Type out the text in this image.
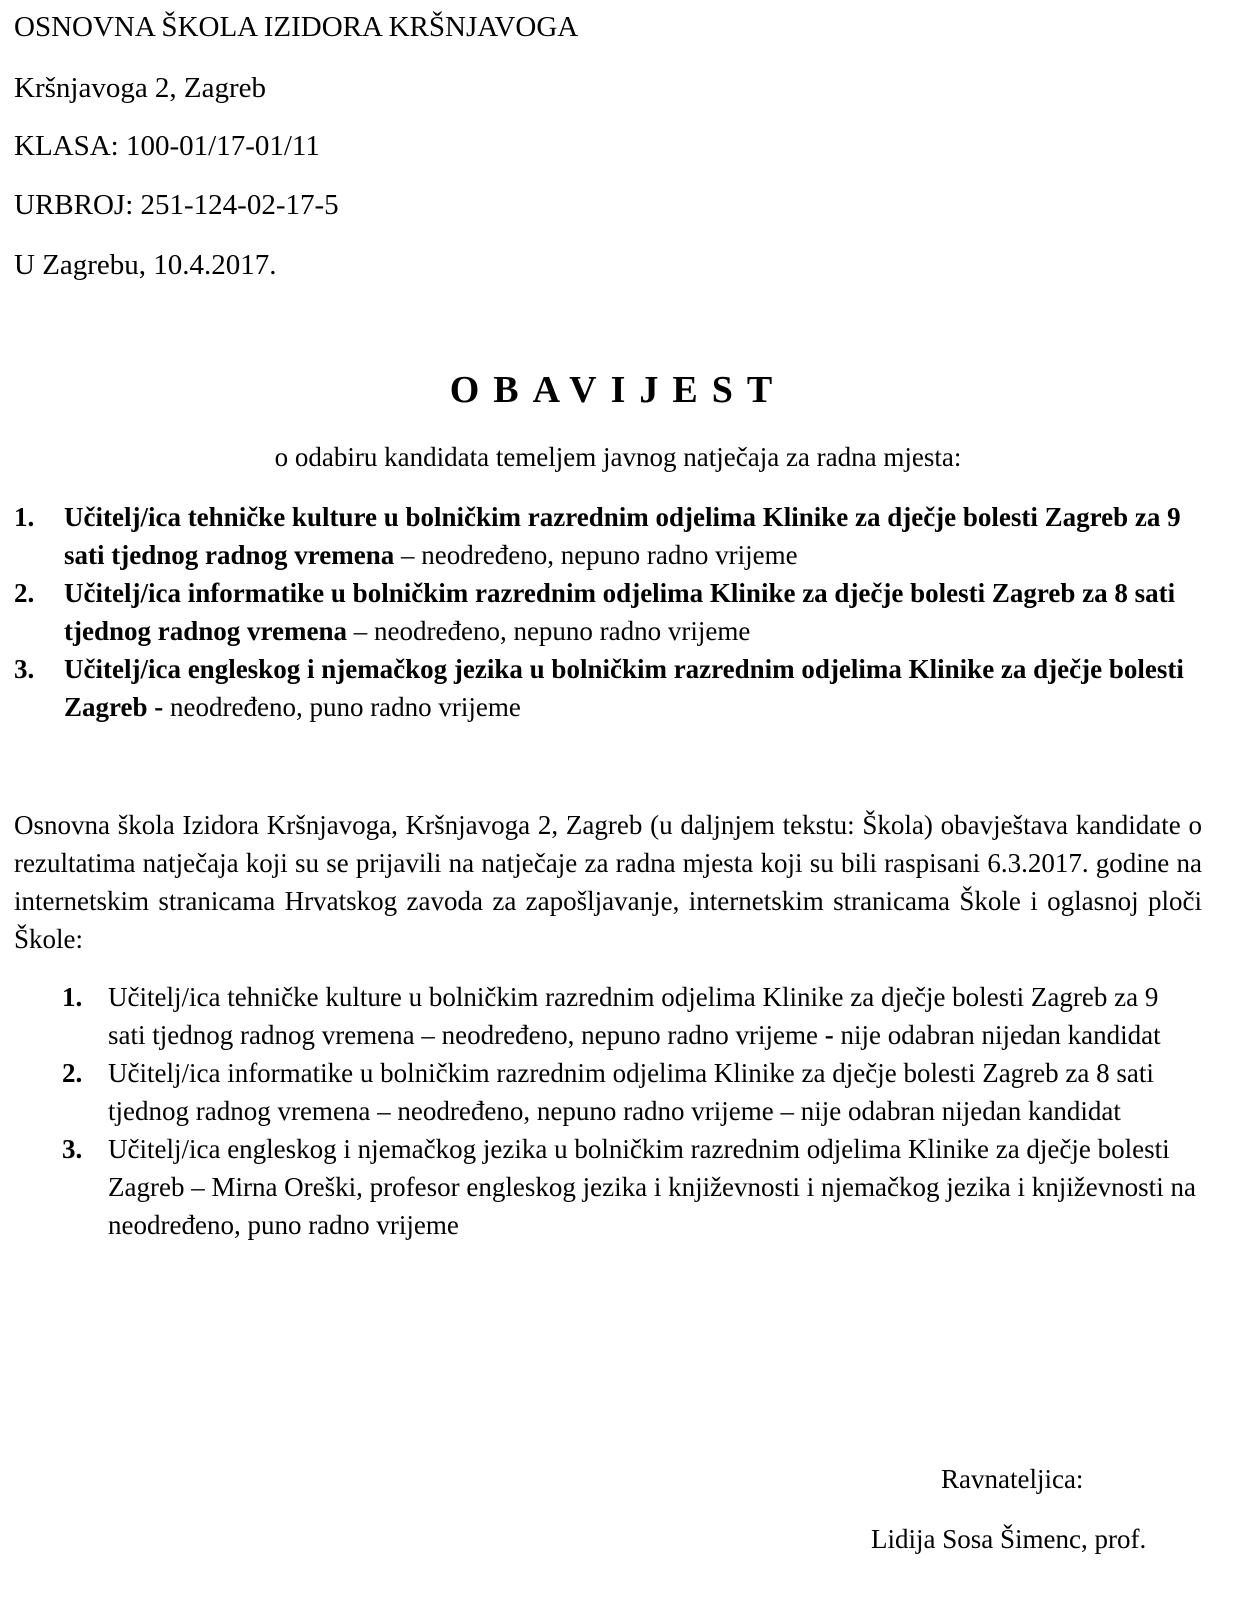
OSNOVNA ŠKOLA IZIDORA KRŠNJAVOGA
Kršnjavoga 2, Zagreb
KLASA: 100-01/17-01/11
URBROJ: 251-124-02-17-5
U Zagrebu, 10.4.2017.
OBAVIJEST
o odabiru kandidata temeljem javnog natječaja za radna mjesta:
1. Učitelj/ica tehničke kulture u bolničkim razrednim odjelima Klinike za dječje bolesti Zagreb za 9 sati tjednog radnog vremena – neodređeno, nepuno radno vrijeme
2. Učitelj/ica informatike u bolničkim razrednim odjelima Klinike za dječje bolesti Zagreb za 8 sati tjednog radnog vremena – neodređeno, nepuno radno vrijeme
3. Učitelj/ica engleskog i njemačkog jezika u bolničkim razrednim odjelima Klinike za dječje bolesti Zagreb - neodređeno, puno radno vrijeme
Osnovna škola Izidora Kršnjavoga, Kršnjavoga 2, Zagreb (u daljnjem tekstu: Škola) obavještava kandidate o rezultatima natječaja koji su se prijavili na natječaje za radna mjesta koji su bili raspisani 6.3.2017. godine na internetskim stranicama Hrvatskog zavoda za zapošljavanje, internetskim stranicama Škole i oglasnoj ploči Škole:
1. Učitelj/ica tehničke kulture u bolničkim razrednim odjelima Klinike za dječje bolesti Zagreb za 9 sati tjednog radnog vremena – neodređeno, nepuno radno vrijeme - nije odabran nijedan kandidat
2. Učitelj/ica informatike u bolničkim razrednim odjelima Klinike za dječje bolesti Zagreb za 8 sati tjednog radnog vremena – neodređeno, nepuno radno vrijeme – nije odabran nijedan kandidat
3. Učitelj/ica engleskog i njemačkog jezika u bolničkim razrednim odjelima Klinike za dječje bolesti Zagreb – Mirna Oreški, profesor engleskog jezika i književnosti i njemačkog jezika i književnosti na neodređeno, puno radno vrijeme
Ravnateljica:
Lidija Sosa Šimenc, prof.
